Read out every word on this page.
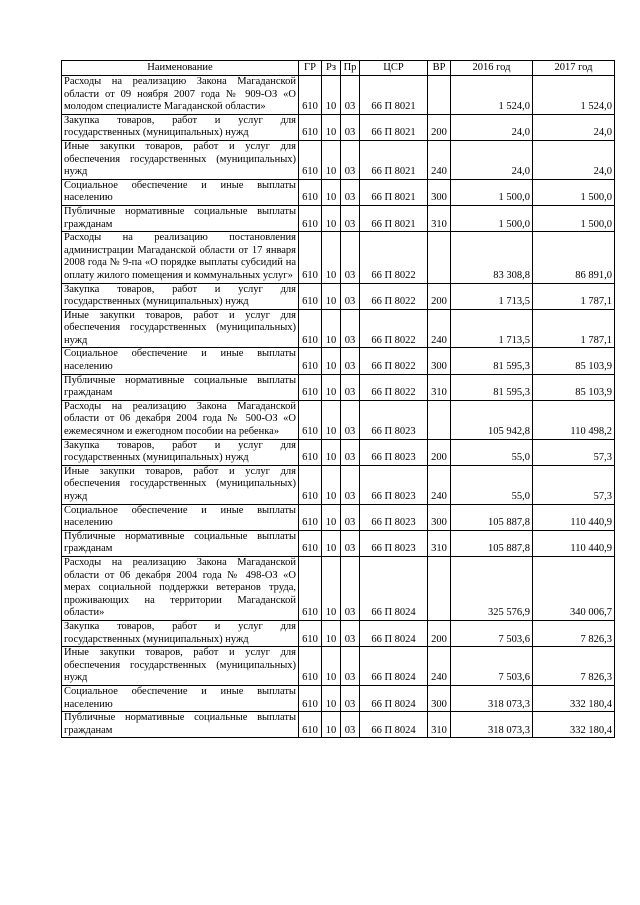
Наименование	ГР	Рз	Пр	ЦСР	ВР	2016 год	2017 год
Расходы на реализацию Закона Магаданской области от 09 ноября 2007 года № 909-ОЗ «О молодом специалисте Магаданской области»	610	10	03	66 П 8021		1 524,0	1 524,0
Закупка товаров, работ и услуг для государственных (муниципальных) нужд	610	10	03	66 П 8021	200	24,0	24,0
Иные закупки товаров, работ и услуг для обеспечения государственных (муниципальных) нужд	610	10	03	66 П 8021	240	24,0	24,0
Социальное обеспечение и иные выплаты населению	610	10	03	66 П 8021	300	1 500,0	1 500,0
Публичные нормативные социальные выплаты гражданам	610	10	03	66 П 8021	310	1 500,0	1 500,0
Расходы на реализацию постановления администрации Магаданской области от 17 января 2008 года № 9-па «О порядке выплаты субсидий на оплату жилого помещения и коммунальных услуг»	610	10	03	66 П 8022		83 308,8	86 891,0
Закупка товаров, работ и услуг для государственных (муниципальных) нужд	610	10	03	66 П 8022	200	1 713,5	1 787,1
Иные закупки товаров, работ и услуг для обеспечения государственных (муниципальных) нужд	610	10	03	66 П 8022	240	1 713,5	1 787,1
Социальное обеспечение и иные выплаты населению	610	10	03	66 П 8022	300	81 595,3	85 103,9
Публичные нормативные социальные выплаты гражданам	610	10	03	66 П 8022	310	81 595,3	85 103,9
Расходы на реализацию Закона Магаданской области от 06 декабря 2004 года № 500-ОЗ «О ежемесячном и ежегодном пособии на ребенка»	610	10	03	66 П 8023		105 942,8	110 498,2
Закупка товаров, работ и услуг для государственных (муниципальных) нужд	610	10	03	66 П 8023	200	55,0	57,3
Иные закупки товаров, работ и услуг для обеспечения государственных (муниципальных) нужд	610	10	03	66 П 8023	240	55,0	57,3
Социальное обеспечение и иные выплаты населению	610	10	03	66 П 8023	300	105 887,8	110 440,9
Публичные нормативные социальные выплаты гражданам	610	10	03	66 П 8023	310	105 887,8	110 440,9
Расходы на реализацию Закона Магаданской области от 06 декабря 2004 года № 498-ОЗ «О мерах социальной поддержки ветеранов труда, проживающих на территории Магаданской области»	610	10	03	66 П 8024		325 576,9	340 006,7
Закупка товаров, работ и услуг для государственных (муниципальных) нужд	610	10	03	66 П 8024	200	7 503,6	7 826,3
Иные закупки товаров, работ и услуг для обеспечения государственных (муниципальных) нужд	610	10	03	66 П 8024	240	7 503,6	7 826,3
Социальное обеспечение и иные выплаты населению	610	10	03	66 П 8024	300	318 073,3	332 180,4
Публичные нормативные социальные выплаты гражданам	610	10	03	66 П 8024	310	318 073,3	332 180,4
